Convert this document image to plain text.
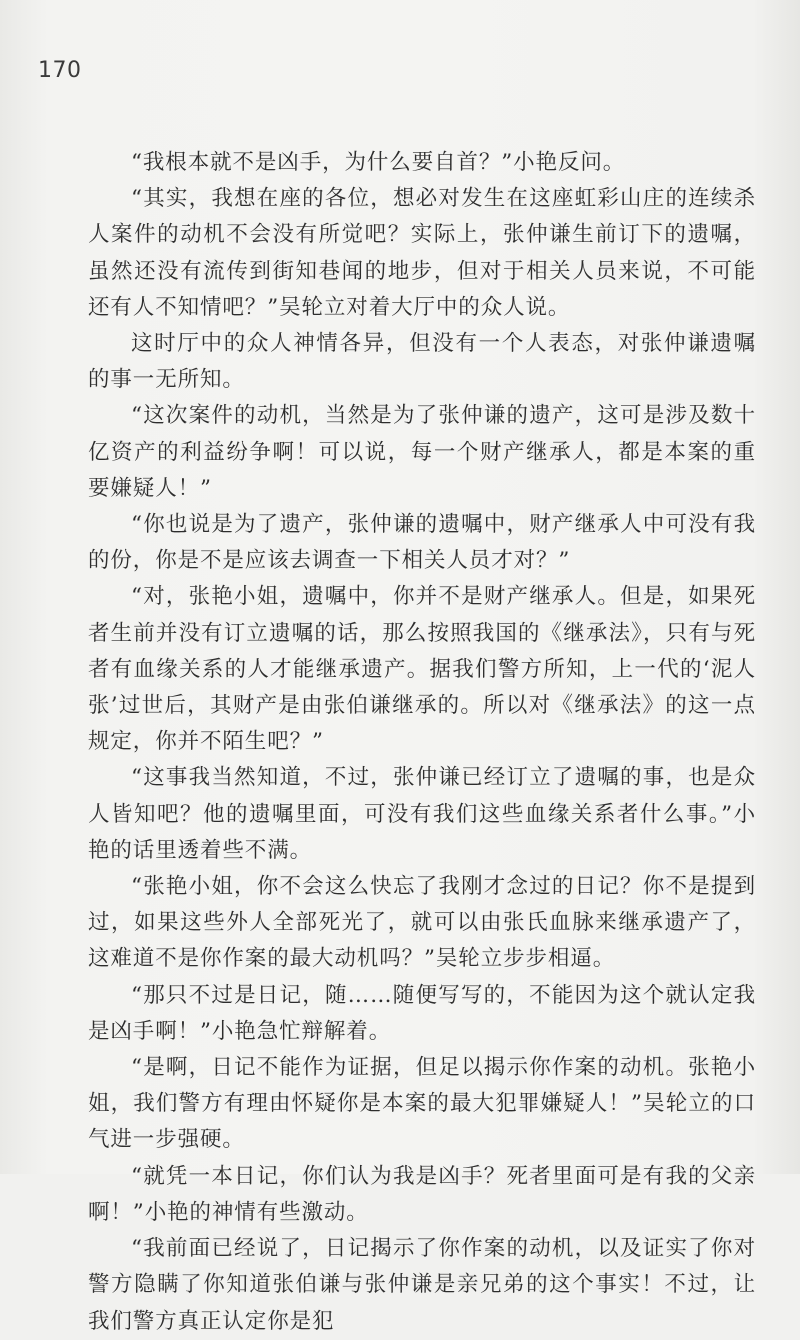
170

“我根本就不是凶手，为什么要自首？”小艳反问。

“其实，我想在座的各位，想必对发生在这座虹彩山庄的连续杀人案件的动机不会没有所觉吧？实际上，张仲谦生前订下的遗嘱，虽然还没有流传到街知巷闻的地步，但对于相关人员来说，不可能还有人不知情吧？”吴轮立对着大厅中的众人说。

这时厅中的众人神情各异，但没有一个人表态，对张仲谦遗嘱的事一无所知。

“这次案件的动机，当然是为了张仲谦的遗产，这可是涉及数十亿资产的利益纷争啊！可以说，每一个财产继承人，都是本案的重要嫌疑人！”

“你也说是为了遗产，张仲谦的遗嘱中，财产继承人中可没有我的份，你是不是应该去调查一下相关人员才对？”

“对，张艳小姐，遗嘱中，你并不是财产继承人。但是，如果死者生前并没有订立遗嘱的话，那么按照我国的《继承法》，只有与死者有血缘关系的人才能继承遗产。据我们警方所知，上一代的‘泥人张’过世后，其财产是由张伯谦继承的。所以对《继承法》的这一点规定，你并不陌生吧？”

“这事我当然知道，不过，张仲谦已经订立了遗嘱的事，也是众人皆知吧？他的遗嘱里面，可没有我们这些血缘关系者什么事。”小艳的话里透着些不满。

“张艳小姐，你不会这么快忘了我刚才念过的日记？你不是提到过，如果这些外人全部死光了，就可以由张氏血脉来继承遗产了，这难道不是你作案的最大动机吗？”吴轮立步步相逼。

“那只不过是日记，随……随便写写的，不能因为这个就认定我是凶手啊！”小艳急忙辩解着。

“是啊，日记不能作为证据，但足以揭示你作案的动机。张艳小姐，我们警方有理由怀疑你是本案的最大犯罪嫌疑人！”吴轮立的口气进一步强硬。

“就凭一本日记，你们认为我是凶手？死者里面可是有我的父亲啊！”小艳的神情有些激动。

“我前面已经说了，日记揭示了你作案的动机，以及证实了你对警方隐瞒了你知道张伯谦与张仲谦是亲兄弟的这个事实！不过，让我们警方真正认定你是犯
